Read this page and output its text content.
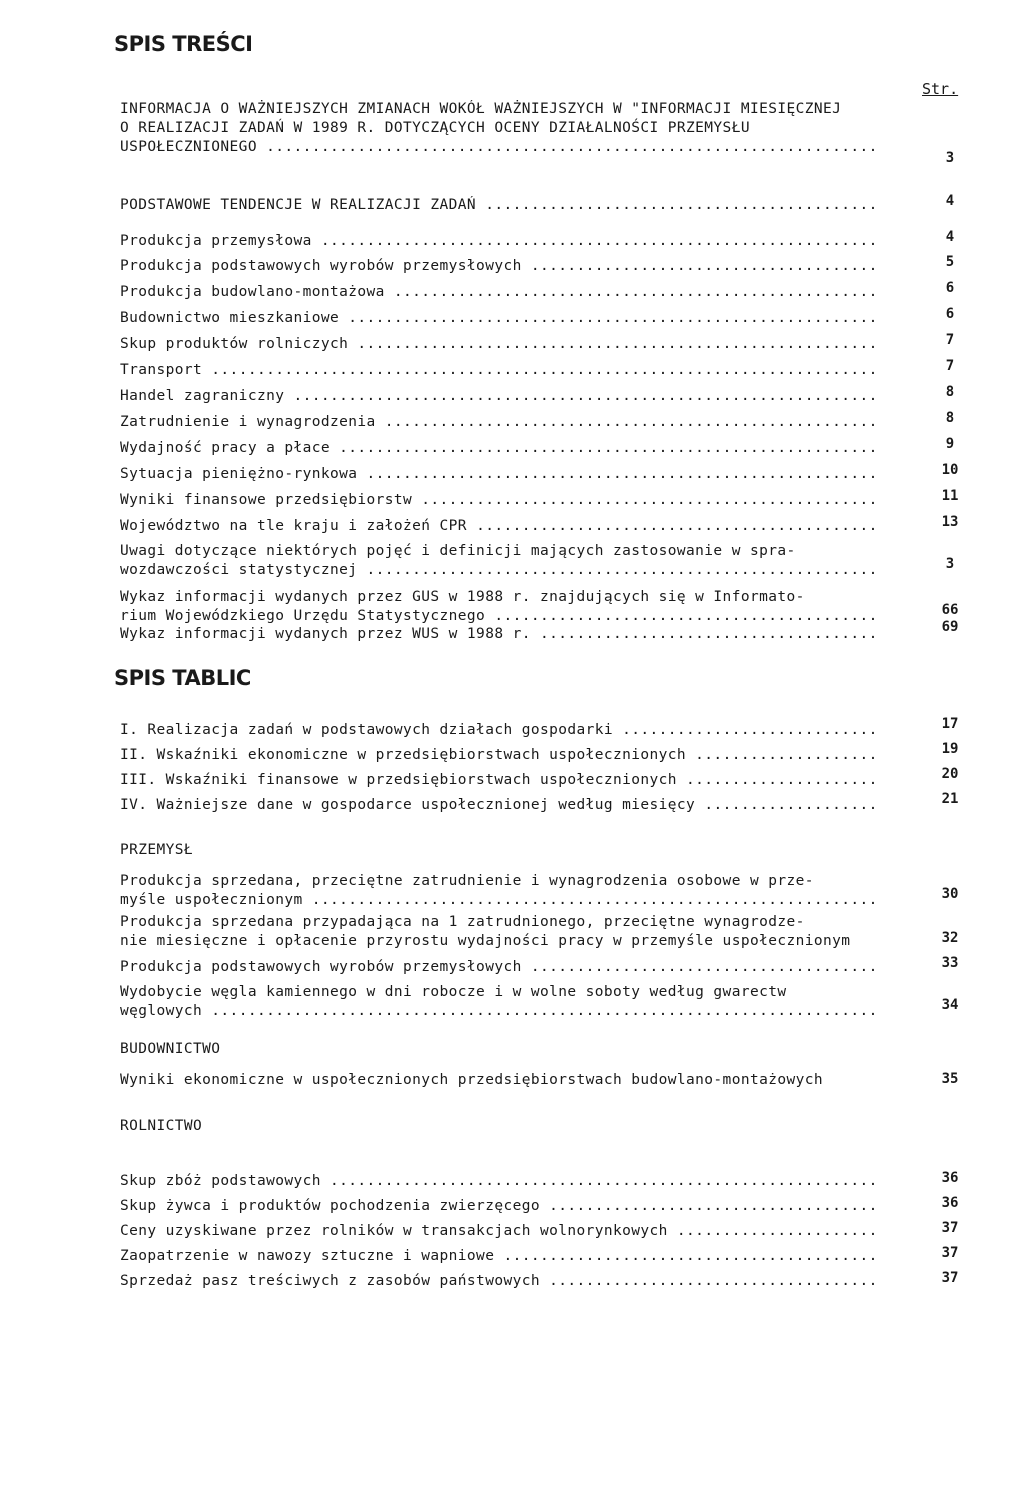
SPIS TREŚCI
Str.
INFORMACJA O WAŻNIEJSZYCH ZMIANACH WOKÓŁ WAŻNIEJSZYCH W "INFORMACJI MIESIĘCZNEJ
O REALIZACJI ZADAŃ W 1989 R. DOTYCZĄCYCH OCENY DZIAŁALNOŚCI PRZEMYSŁU
USPOŁECZNIONEGO .....
3
PODSTAWOWE TENDENCJE W REALIZACJI ZADAŃ .....	4
Produkcja przemysłowa .....	4
Produkcja podstawowych wyrobów przemysłowych .....	5
Produkcja budowlano-montażowa .....	6
Budownictwo mieszkaniowe .....	6
Skup produktów rolniczych .....	7
Transport .....	7
Handel zagraniczny .....	8
Zatrudnienie i wynagrodzenia .....	8
Wydajność pracy a płace .....	9
Sytuacja pieniężno-rynkowa .....	10
Wyniki finansowe przedsiębiorstw .....	11
Województwo na tle kraju i założeń CPR .....	13
Uwagi dotyczące niektórych pojęć i definicji mających zastosowanie w spra-
wozdawczości statystycznej .....	3
Wykaz informacji wydanych przez GUS w 1988 r. znajdujących się w Informato-
rium Wojewódzkiego Urzędu Statystycznego .....	66
Wykaz informacji wydanych przez WUS w 1988 r. .....	69
SPIS TABLIC
I. Realizacja zadań w podstawowych działach gospodarki .....	17
II. Wskaźniki ekonomiczne w przedsiębiorstwach uspołecznionych .....	19
III. Wskaźniki finansowe w przedsiębiorstwach uspołecznionych .....	20
IV. Ważniejsze dane w gospodarce uspołecznionej według miesięcy .....	21
PRZEMYSŁ
Produkcja sprzedana, przeciętne zatrudnienie i wynagrodzenia osobowe w prze-
myśle uspołecznionym .....	30
Produkcja sprzedana przypadająca na 1 zatrudnionego, przeciętne wynagrodze-
nie miesięczne i opłacenie przyrostu wydajności pracy w przemyśle uspołecznionym	32
Produkcja podstawowych wyrobów przemysłowych .....	33
Wydobycie węgla kamiennego w dni robocze i w wolne soboty według gwarectw
węglowych .....	34
BUDOWNICTWO
Wyniki ekonomiczne w uspołecznionych przedsiębiorstwach budowlano-montażowych	35
ROLNICTWO
Skup zbóż podstawowych .....	36
Skup żywca i produktów pochodzenia zwierzęcego .....	36
Ceny uzyskiwane przez rolników w transakcjach wolnorynkowych .....	37
Zaopatrzenie w nawozy sztuczne i wapniowe .....	37
Sprzedaż pasz treściwych z zasobów państwowych .....	37
